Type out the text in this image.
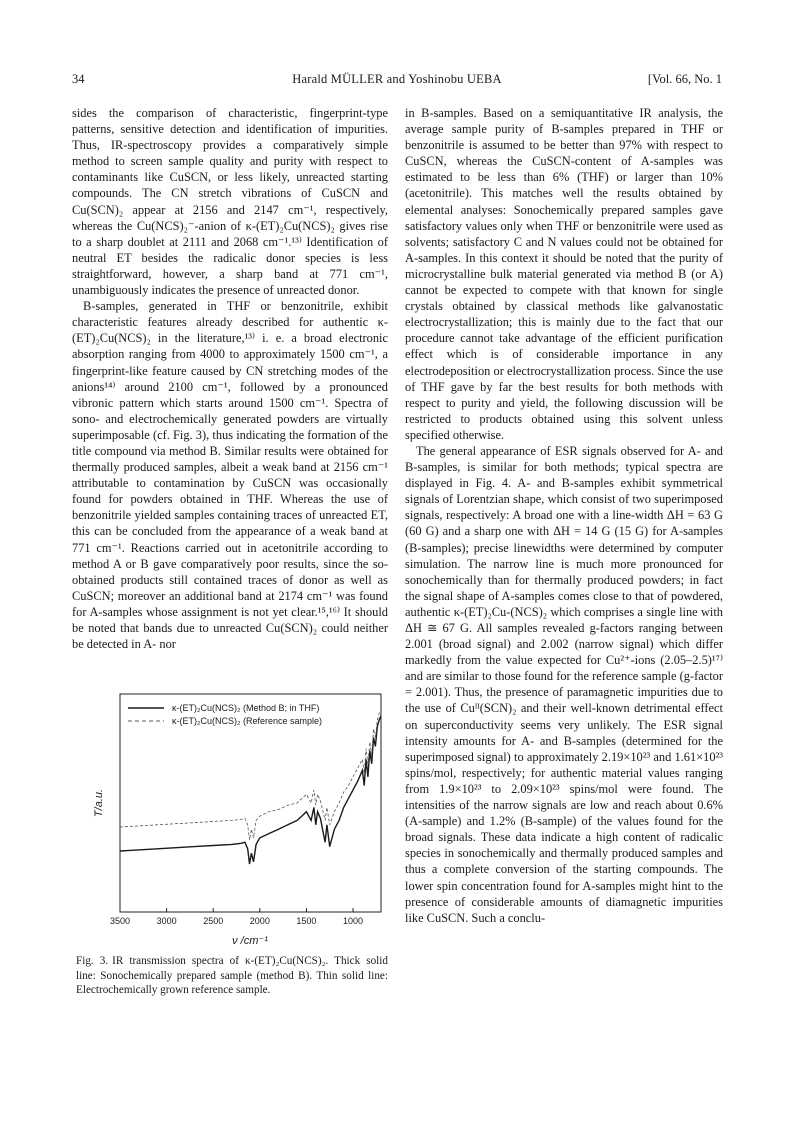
34	Harald MÜLLER and Yoshinobu UEBA	[Vol. 66, No. 1

sides the comparison of characteristic, fingerprint-type patterns, sensitive detection and identification of impurities. Thus, IR-spectroscopy provides a comparatively simple method to screen sample quality and purity with respect to contaminants like CuSCN, or less likely, unreacted starting compounds. The CN stretch vibrations of CuSCN and Cu(SCN)₂ appear at 2156 and 2147 cm⁻¹, respectively, whereas the Cu(NCS)₂⁻-anion of κ-(ET)₂Cu(NCS)₂ gives rise to a sharp doublet at 2111 and 2068 cm⁻¹.¹³⁾ Identification of neutral ET besides the radicalic donor species is less straightforward, however, a sharp band at 771 cm⁻¹, unambiguously indicates the presence of unreacted donor.

B-samples, generated in THF or benzonitrile, exhibit characteristic features already described for authentic κ-(ET)₂Cu(NCS)₂ in the literature,¹³⁾ i. e. a broad electronic absorption ranging from 4000 to approximately 1500 cm⁻¹, a fingerprint-like feature caused by CN stretching modes of the anions¹⁴⁾ around 2100 cm⁻¹, followed by a pronounced vibronic pattern which starts around 1500 cm⁻¹. Spectra of sono- and electrochemically generated powders are virtually superimposable (cf. Fig. 3), thus indicating the formation of the title compound via method B. Similar results were obtained for thermally produced samples, albeit a weak band at 2156 cm⁻¹ attributable to contamination by CuSCN was occasionally found for powders obtained in THF. Whereas the use of benzonitrile yielded samples containing traces of unreacted ET, this can be concluded from the appearance of a weak band at 771 cm⁻¹. Reactions carried out in acetonitrile according to method A or B gave comparatively poor results, since the so-obtained products still contained traces of donor as well as CuSCN; moreover an additional band at 2174 cm⁻¹ was found for A-samples whose assignment is not yet clear.¹⁵,¹⁶⁾ It should be noted that bands due to unreacted Cu(SCN)₂ could neither be detected in A- nor

in B-samples. Based on a semiquantitative IR analysis, the average sample purity of B-samples prepared in THF or benzonitrile is assumed to be better than 97% with respect to CuSCN, whereas the CuSCN-content of A-samples was estimated to be less than 6% (THF) or larger than 10% (acetonitrile). This matches well the results obtained by elemental analyses: Sonochemically prepared samples gave satisfactory values only when THF or benzonitrile were used as solvents; satisfactory C and N values could not be obtained for A-samples. In this context it should be noted that the purity of microcrystalline bulk material generated via method B (or A) cannot be expected to compete with that known for single crystals obtained by classical methods like galvanostatic electrocrystallization; this is mainly due to the fact that our procedure cannot take advantage of the efficient purification effect which is of considerable importance in any electrodeposition or electrocrystallization process. Since the use of THF gave by far the best results for both methods with respect to purity and yield, the following discussion will be restricted to products obtained using this solvent unless specified otherwise.

The general appearance of ESR signals observed for A- and B-samples, is similar for both methods; typical spectra are displayed in Fig. 4. A- and B-samples exhibit symmetrical signals of Lorentzian shape, which consist of two superimposed signals, respectively: A broad one with a line-width ΔH = 63 G (60 G) and a sharp one with ΔH = 14 G (15 G) for A-samples (B-samples); precise linewidths were determined by computer simulation. The narrow line is much more pronounced for sonochemically than for thermally produced powders; in fact the signal shape of A-samples comes close to that of powdered, authentic κ-(ET)₂Cu-(NCS)₂ which comprises a single line with ΔH ≅ 67 G. All samples revealed g-factors ranging between 2.001 (broad signal) and 2.002 (narrow signal) which differ markedly from the value expected for Cu²⁺-ions (2.05–2.5)¹⁷⁾ and are similar to those found for the reference sample (g-factor = 2.001). Thus, the presence of paramagnetic impurities due to the use of Cuᴵᴵ(SCN)₂ and their well-known detrimental effect on superconductivity seems very unlikely. The ESR signal intensity amounts for A- and B-samples (determined for the superimposed signal) to approximately 2.19×10²³ and 1.61×10²³ spins/mol, respectively; for authentic material values ranging from 1.9×10²³ to 2.09×10²³ spins/mol were found. The intensities of the narrow signals are low and reach about 0.6% (A-sample) and 1.2% (B-sample) of the values found for the broad signals. These data indicate a high content of radicalic species in sonochemically and thermally produced samples and thus a complete conversion of the starting compounds. The lower spin concentration found for A-samples might hint to the presence of considerable amounts of diamagnetic impurities like CuSCN. Such a conclu-

3500	3000	2500	2000	1500	1000
κ-(ET)₂Cu(NCS)₂ (Method B; in THF)
κ-(ET)₂Cu(NCS)₂ (Reference sample)
T/a.u.
ν /cm⁻¹
Fig. 3. IR transmission spectra of κ-(ET)₂Cu(NCS)₂. Thick solid line: Sonochemically prepared sample (method B). Thin solid line: Electrochemically grown reference sample.
